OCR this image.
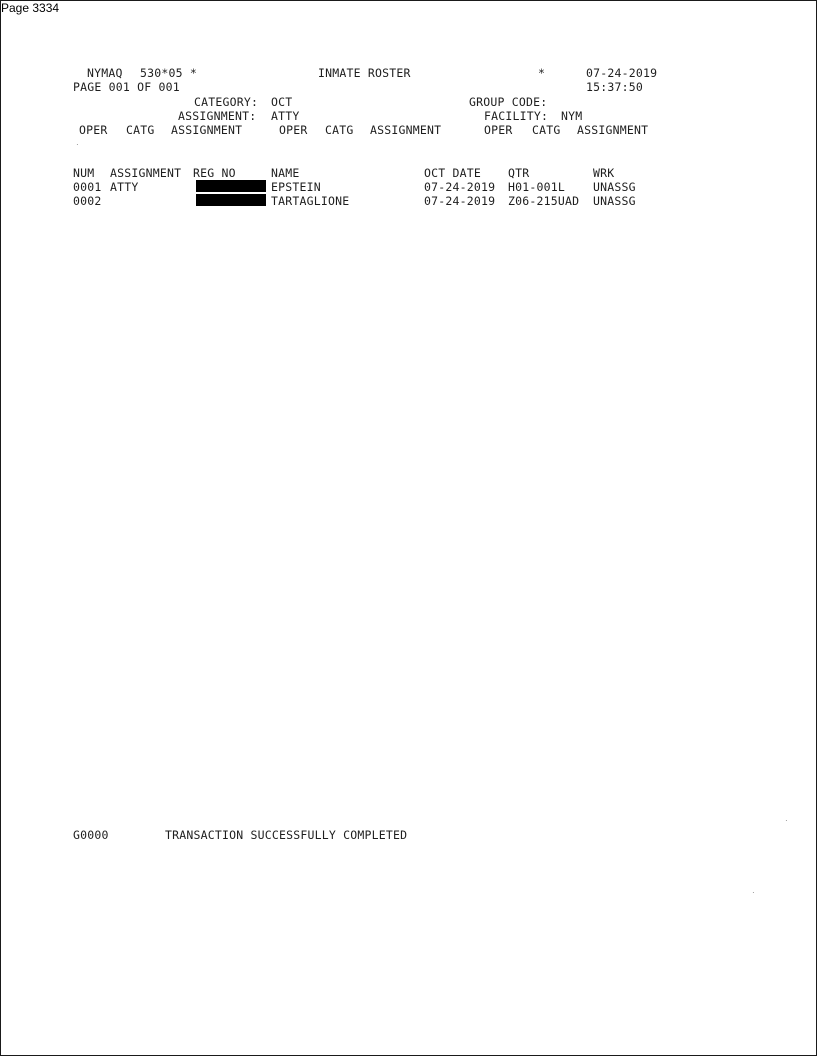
Page 3334
NYMAQ 530*05 *	INMATE ROSTER	*	07-24-2019
PAGE 001 OF 001	15:37:50
CATEGORY: OCT	GROUP CODE:
ASSIGNMENT: ATTY	FACILITY: NYM
OPER CATG ASSIGNMENT	OPER CATG ASSIGNMENT	OPER CATG ASSIGNMENT
·
NUM ASSIGNMENT REG NO	NAME	OCT DATE QTR	WRK
0001 ATTY	EPSTEIN	07-24-2019 H01-001L UNASSG
0002	TARTAGLIONE	07-24-2019 Z06-215UAD UNASSG
G0000	TRANSACTION SUCCESSFULLY COMPLETED
·
·
